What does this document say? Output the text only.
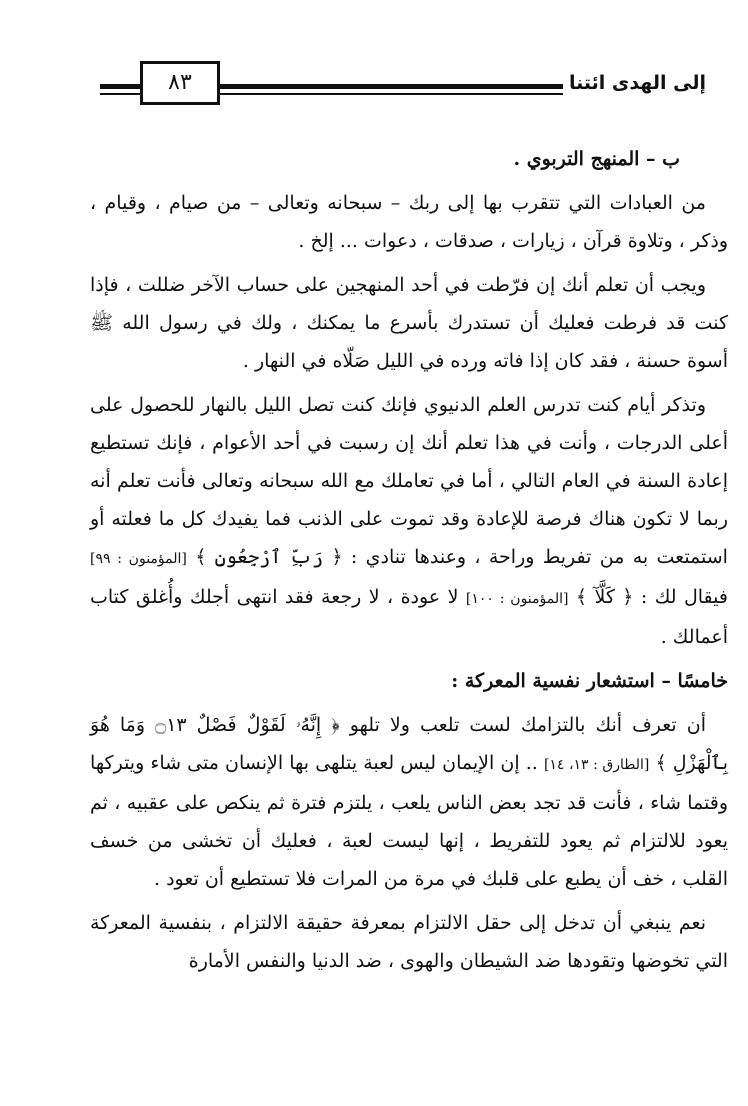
٨٣	إلى الهدى ائتنا

ب – المنهج التربوي .

من العبادات التي تتقرب بها إلى ربك – سبحانه وتعالى – من صيام ، وقيام ، وذكر ، وتلاوة قرآن ، زيارات ، صدقات ، دعوات ... إلخ .

ويجب أن تعلم أنك إن فرّطت في أحد المنهجين على حساب الآخر ضللت ، فإذا كنت قد فرطت فعليك أن تستدرك بأسرع ما يمكنك ، ولك في رسول الله ﷺ أسوة حسنة ، فقد كان إذا فاته ورده في الليل صَلّاه في النهار .

وتذكر أيام كنت تدرس العلم الدنيوي فإنك كنت تصل الليل بالنهار للحصول على أعلى الدرجات ، وأنت في هذا تعلم أنك إن رسبت في أحد الأعوام ، فإنك تستطيع إعادة السنة في العام التالي ، أما في تعاملك مع الله سبحانه وتعالى فأنت تعلم أنه ربما لا تكون هناك فرصة للإعادة وقد تموت على الذنب فما يفيدك كل ما فعلته أو استمتعت به من تفريط وراحة ، وعندها تنادي : ﴿ رَبِّ ٱرْجِعُونِ ﴾ [المؤمنون : ٩٩] فيقال لك : ﴿ كَلَّآ ﴾ [المؤمنون : ١٠٠] لا عودة ، لا رجعة فقد انتهى أجلك وأُغلق كتاب أعمالك .

خامسًا – استشعار نفسية المعركة :

أن تعرف أنك بالتزامك لست تلعب ولا تلهو ﴿ إِنَّهُۥ لَقَوْلٌ فَصْلٌ ۝١٣ وَمَا هُوَ بِٱلْهَزْلِ ﴾ [الطارق : ١٣، ١٤] .. إن الإيمان ليس لعبة يتلهى بها الإنسان متى شاء ويتركها وقتما شاء ، فأنت قد تجد بعض الناس يلعب ، يلتزم فترة ثم ينكص على عقبيه ، ثم يعود للالتزام ثم يعود للتفريط ، إنها ليست لعبة ، فعليك أن تخشى من خسف القلب ، خف أن يطبع على قلبك في مرة من المرات فلا تستطيع أن تعود .

نعم ينبغي أن تدخل إلى حقل الالتزام بمعرفة حقيقة الالتزام ، بنفسية المعركة التي تخوضها وتقودها ضد الشيطان والهوى ، ضد الدنيا والنفس الأمارة
